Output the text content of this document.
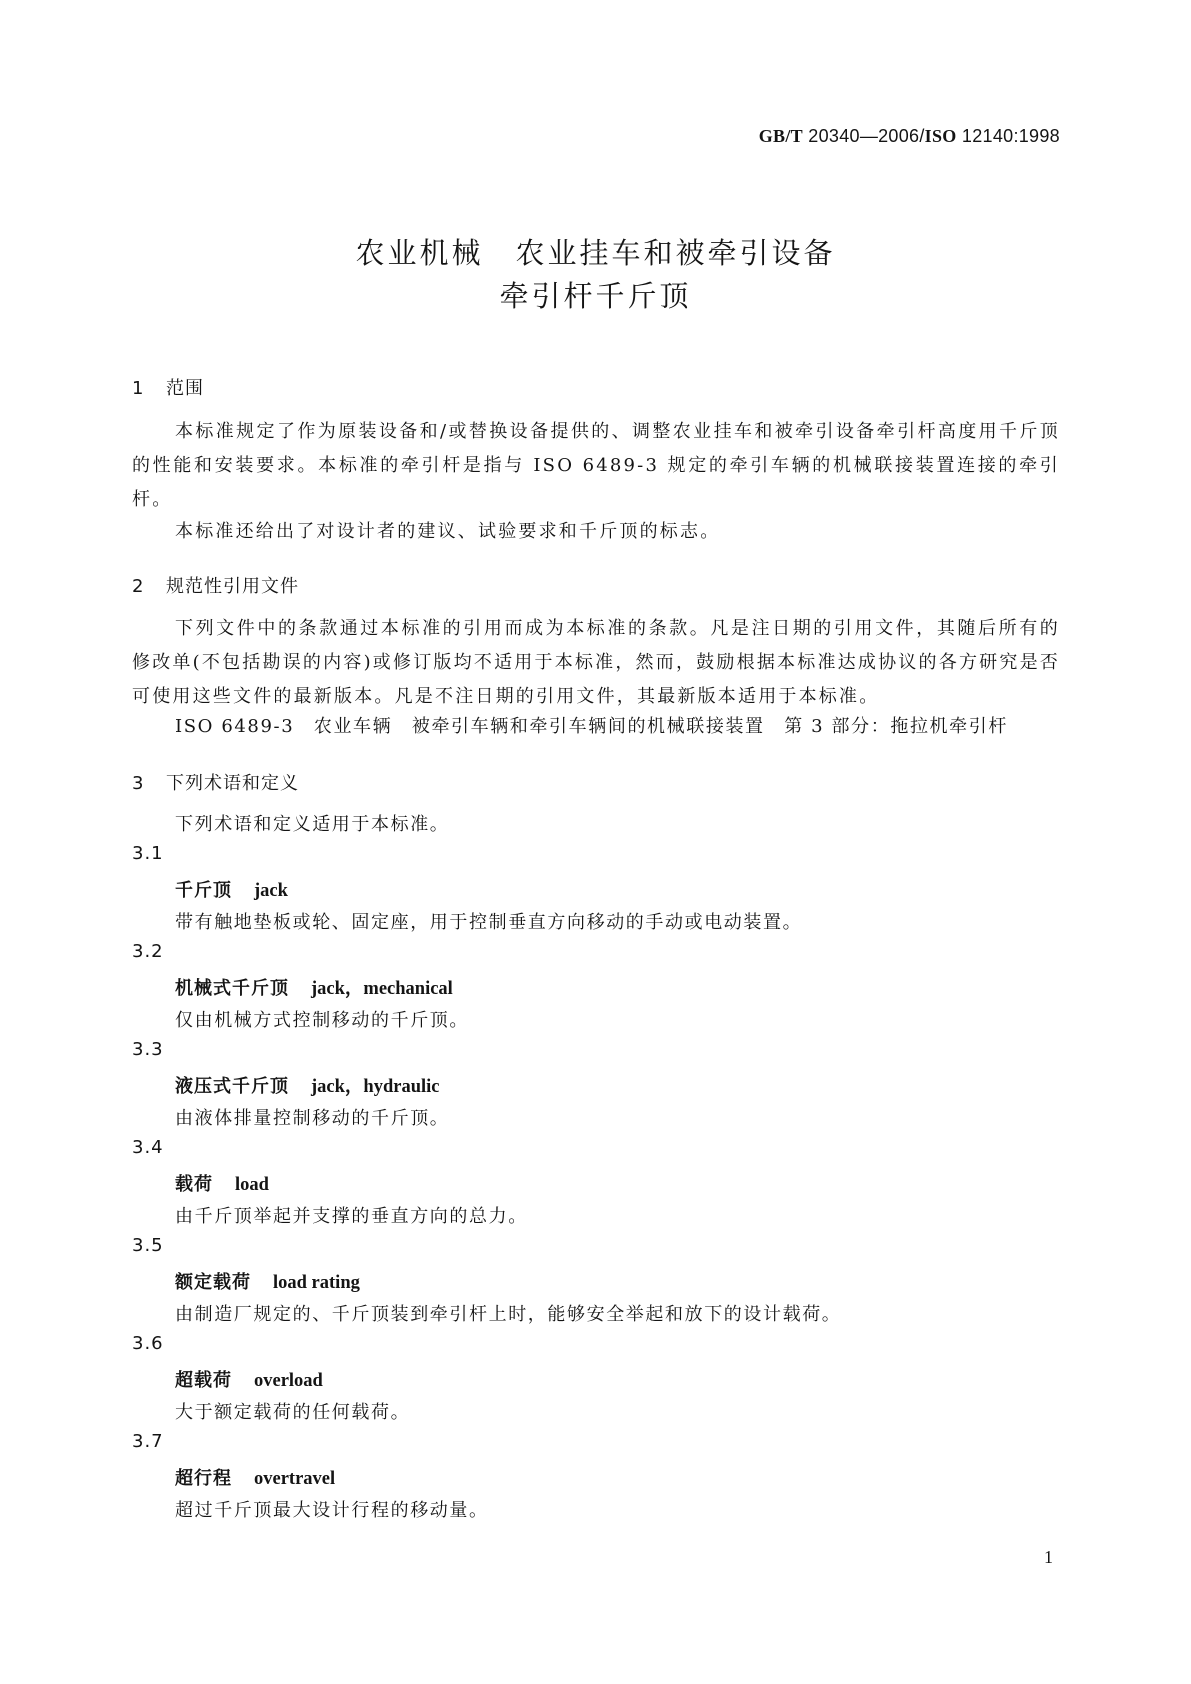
GB/T 20340—2006/ISO 12140:1998
农业机械　农业挂车和被牵引设备
牵引杆千斤顶
1 范围
本标准规定了作为原装设备和/或替换设备提供的、调整农业挂车和被牵引设备牵引杆高度用千斤顶的性能和安装要求。本标准的牵引杆是指与 ISO 6489-3 规定的牵引车辆的机械联接装置连接的牵引杆。
本标准还给出了对设计者的建议、试验要求和千斤顶的标志。
2 规范性引用文件
下列文件中的条款通过本标准的引用而成为本标准的条款。凡是注日期的引用文件，其随后所有的修改单(不包括勘误的内容)或修订版均不适用于本标准，然而，鼓励根据本标准达成协议的各方研究是否可使用这些文件的最新版本。凡是不注日期的引用文件，其最新版本适用于本标准。
ISO 6489-3　农业车辆　被牵引车辆和牵引车辆间的机械联接装置　第 3 部分：拖拉机牵引杆
3 下列术语和定义
下列术语和定义适用于本标准。
3.1
千斤顶 jack
带有触地垫板或轮、固定座，用于控制垂直方向移动的手动或电动装置。
3.2
机械式千斤顶 jack，mechanical
仅由机械方式控制移动的千斤顶。
3.3
液压式千斤顶 jack，hydraulic
由液体排量控制移动的千斤顶。
3.4
载荷 load
由千斤顶举起并支撑的垂直方向的总力。
3.5
额定载荷 load rating
由制造厂规定的、千斤顶装到牵引杆上时，能够安全举起和放下的设计载荷。
3.6
超载荷 overload
大于额定载荷的任何载荷。
3.7
超行程 overtravel
超过千斤顶最大设计行程的移动量。
1
